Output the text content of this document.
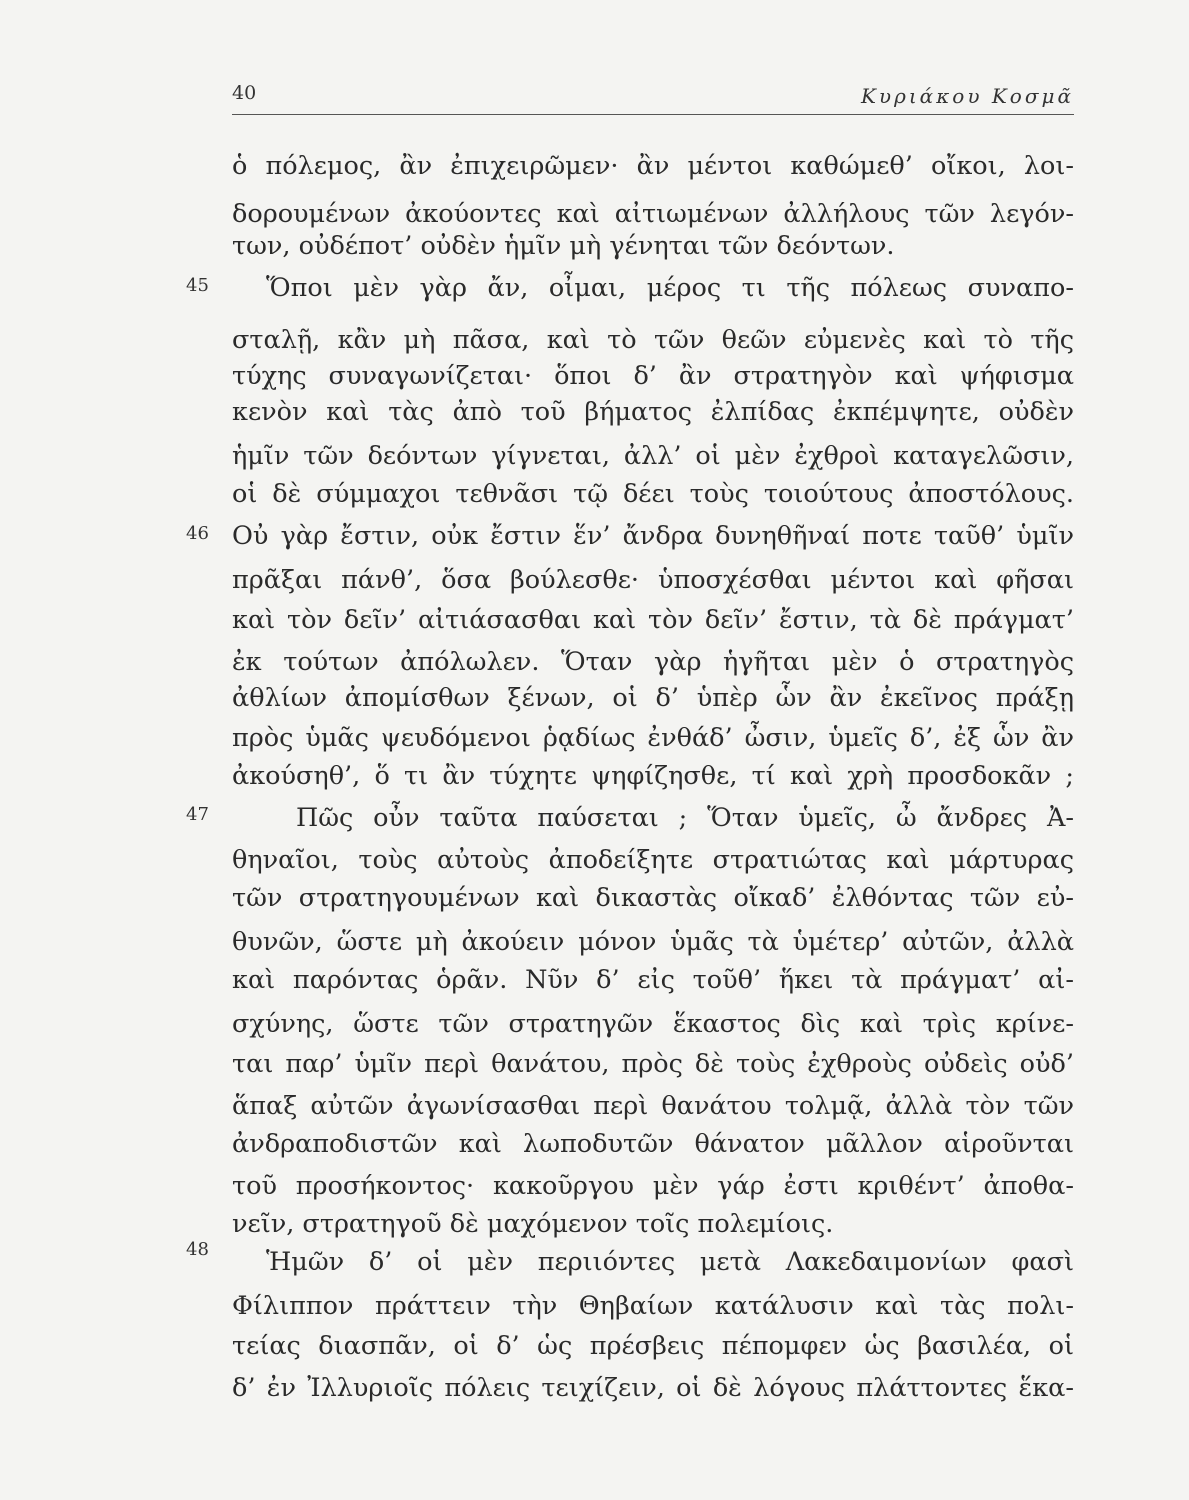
40	Κυριάκου Κοσμᾶ
45
46
47
48
ὁ πόλεμος, ἂν ἐπιχειρῶμεν· ἂν μέντοι καθώμεθ’ οἴκοι, λοι-
δορουμένων ἀκούοντες καὶ αἰτιωμένων ἀλλήλους τῶν λεγόν-
των, οὐδέποτ’ οὐδὲν ἡμῖν μὴ γένηται τῶν δεόντων.
Ὅποι μὲν γὰρ ἄν, οἶμαι, μέρος τι τῆς πόλεως συναπο-
σταλῇ, κἂν μὴ πᾶσα, καὶ τὸ τῶν θεῶν εὐμενὲς καὶ τὸ τῆς
τύχης συναγωνίζεται· ὅποι δ’ ἂν στρατηγὸν καὶ ψήφισμα
κενὸν καὶ τὰς ἀπὸ τοῦ βήματος ἐλπίδας ἐκπέμψητε, οὐδὲν
ἡμῖν τῶν δεόντων γίγνεται, ἀλλ’ οἱ μὲν ἐχθροὶ καταγελῶσιν,
οἱ δὲ σύμμαχοι τεθνᾶσι τῷ δέει τοὺς τοιούτους ἀποστόλους.
Οὐ γὰρ ἔστιν, οὐκ ἔστιν ἕν’ ἄνδρα δυνηθῆναί ποτε ταῦθ’ ὑμῖν
πρᾶξαι πάνθ’, ὅσα βούλεσθε· ὑποσχέσθαι μέντοι καὶ φῆσαι
καὶ τὸν δεῖν’ αἰτιάσασθαι καὶ τὸν δεῖν’ ἔστιν, τὰ δὲ πράγματ’
ἐκ τούτων ἀπόλωλεν. Ὅταν γὰρ ἡγῆται μὲν ὁ στρατηγὸς
ἀθλίων ἀπομίσθων ξένων, οἱ δ’ ὑπὲρ ὧν ἂν ἐκεῖνος πράξῃ
πρὸς ὑμᾶς ψευδόμενοι ῥᾳδίως ἐνθάδ’ ὦσιν, ὑμεῖς δ’, ἐξ ὧν ἂν
ἀκούσηθ’, ὅ τι ἂν τύχητε ψηφίζησθε, τί καὶ χρὴ προσδοκᾶν ;
Πῶς οὖν ταῦτα παύσεται ; Ὅταν ὑμεῖς, ὦ ἄνδρες Ἀ-
θηναῖοι, τοὺς αὐτοὺς ἀποδείξητε στρατιώτας καὶ μάρτυρας
τῶν στρατηγουμένων καὶ δικαστὰς οἴκαδ’ ἐλθόντας τῶν εὐ-
θυνῶν, ὥστε μὴ ἀκούειν μόνον ὑμᾶς τὰ ὑμέτερ’ αὐτῶν, ἀλλὰ
καὶ παρόντας ὁρᾶν. Νῦν δ’ εἰς τοῦθ’ ἥκει τὰ πράγματ’ αἰ-
σχύνης, ὥστε τῶν στρατηγῶν ἕκαστος δὶς καὶ τρὶς κρίνε-
ται παρ’ ὑμῖν περὶ θανάτου, πρὸς δὲ τοὺς ἐχθροὺς οὐδεὶς οὐδ’
ἅπαξ αὐτῶν ἀγωνίσασθαι περὶ θανάτου τολμᾷ, ἀλλὰ τὸν τῶν
ἀνδραποδιστῶν καὶ λωποδυτῶν θάνατον μᾶλλον αἱροῦνται
τοῦ προσήκοντος· κακοῦργου μὲν γάρ ἐστι κριθέντ’ ἀποθα-
νεῖν, στρατηγοῦ δὲ μαχόμενον τοῖς πολεμίοις.
Ἡμῶν δ’ οἱ μὲν περιιόντες μετὰ Λακεδαιμονίων φασὶ
Φίλιππον πράττειν τὴν Θηβαίων κατάλυσιν καὶ τὰς πολι-
τείας διασπᾶν, οἱ δ’ ὡς πρέσβεις πέπομφεν ὡς βασιλέα, οἱ
δ’ ἐν Ἰλλυριοῖς πόλεις τειχίζειν, οἱ δὲ λόγους πλάττοντες ἕκα-
